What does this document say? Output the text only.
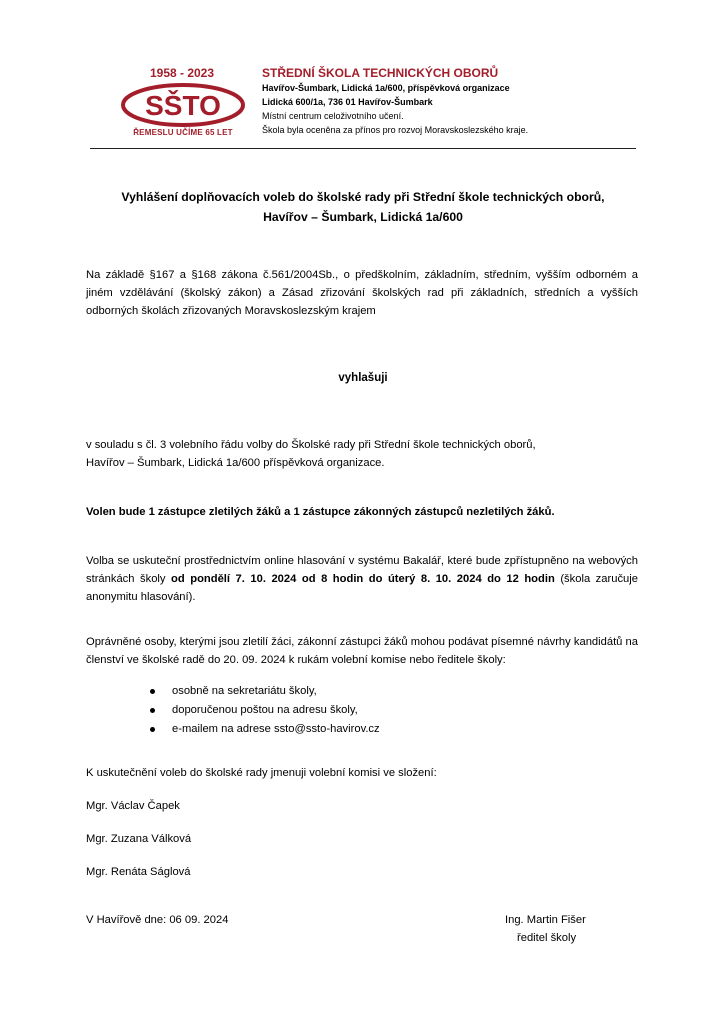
1958 - 2023
SŠTO
ŘEMESLU UČÍME 65 LET
STŘEDNÍ ŠKOLA TECHNICKÝCH OBORŮ
Havířov-Šumbark, Lidická 1a/600, příspěvková organizace
Lidická 600/1a, 736 01 Havířov-Šumbark
Místní centrum celoživotního učení.
Škola byla oceněna za přínos pro rozvoj Moravskoslezského kraje.
Vyhlášení doplňovacích voleb do školské rady při Střední škole technických oborů,
Havířov – Šumbark, Lidická 1a/600
Na základě §167 a §168 zákona č.561/2004Sb., o předškolním, základním, středním, vyšším odborném a jiném vzdělávání (školský zákon) a Zásad zřizování školských rad při základních, středních a vyšších odborných školách zřizovaných Moravskoslezským krajem
vyhlašuji
v souladu s čl. 3 volebního řádu volby do Školské rady při Střední škole technických oborů,
Havířov – Šumbark, Lidická 1a/600 příspěvková organizace.
Volen bude 1 zástupce zletilých žáků a 1 zástupce zákonných zástupců nezletilých žáků.
Volba se uskuteční prostřednictvím online hlasování v systému Bakalář, které bude zpřístupněno na webových stránkách školy od pondělí 7. 10. 2024 od 8 hodin do úterý 8. 10. 2024 do 12 hodin (škola zaručuje anonymitu hlasování).
Oprávněné osoby, kterými jsou zletilí žáci, zákonní zástupci žáků mohou podávat písemné návrhy kandidátů na členství ve školské radě do 20. 09. 2024 k rukám volební komise nebo ředitele školy:
osobně na sekretariátu školy,
doporučenou poštou na adresu školy,
e-mailem na adrese ssto@ssto-havirov.cz
K uskutečnění voleb do školské rady jmenuji volební komisi ve složení:
Mgr. Václav Čapek
Mgr. Zuzana Válková
Mgr. Renáta Ságlová
V Havířově dne: 06 09. 2024	Ing. Martin Fišer
ředitel školy
